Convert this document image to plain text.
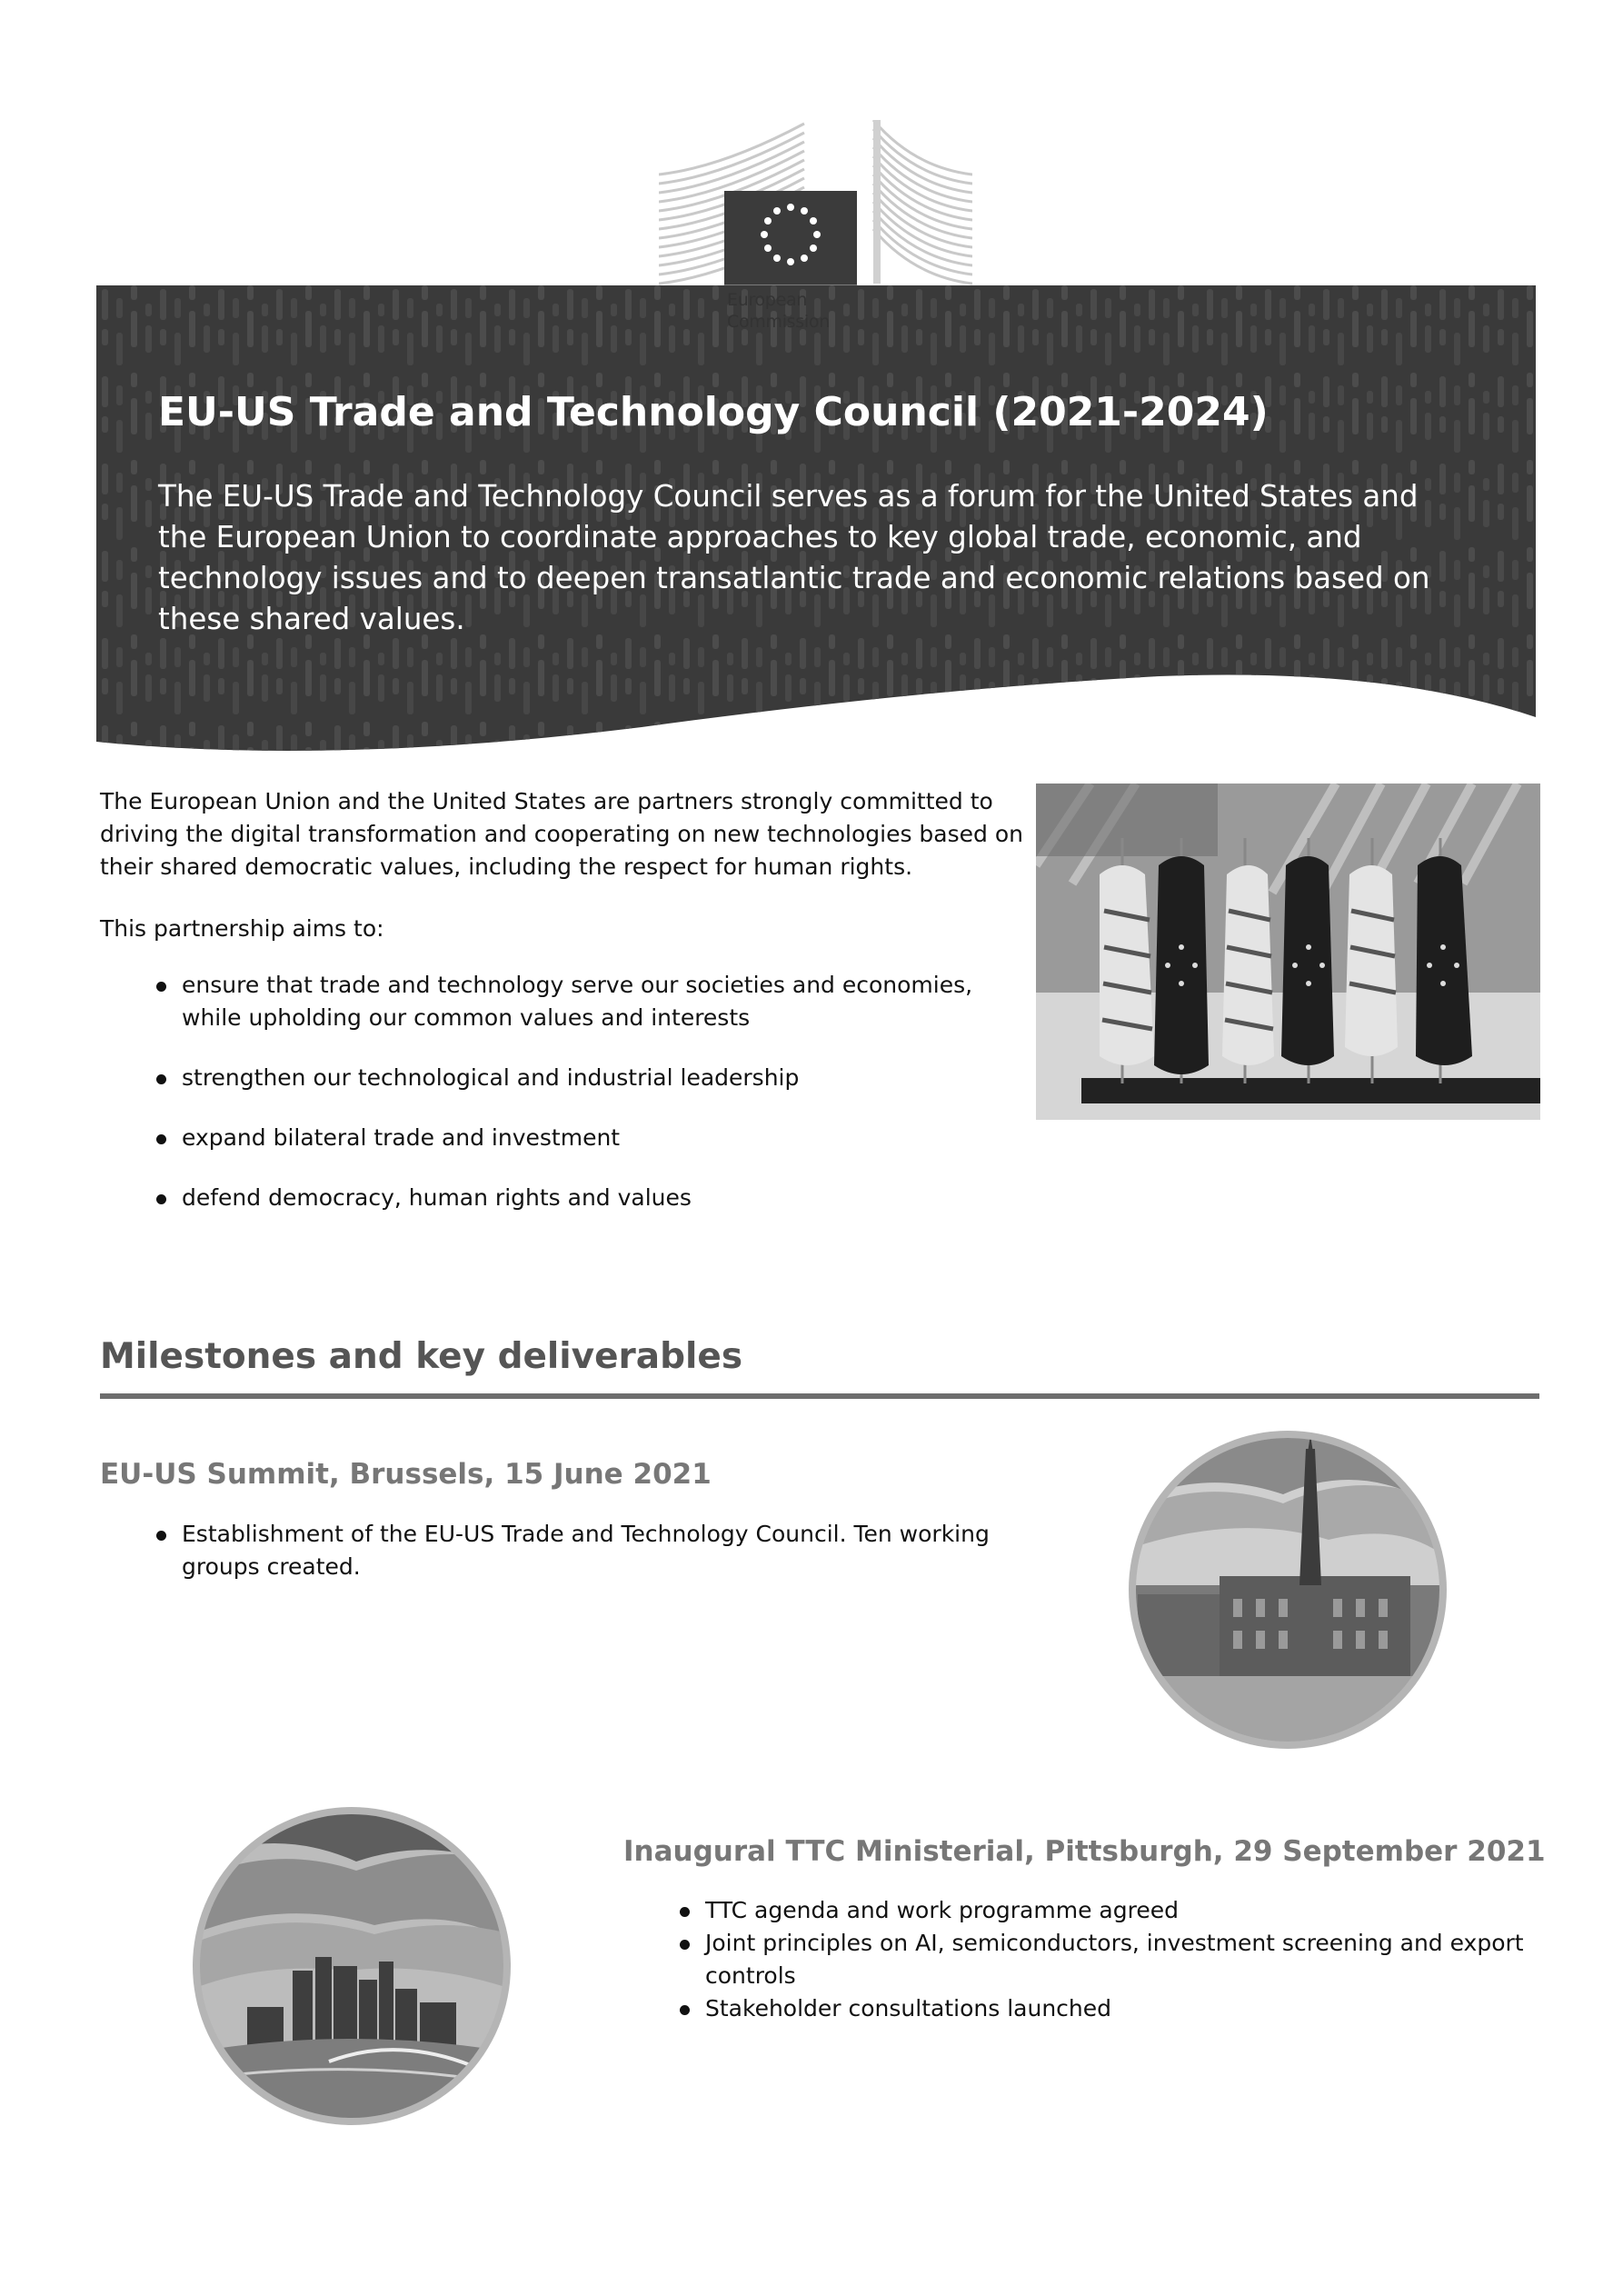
EU-US Trade and Technology Council (2021-2024)

The EU-US Trade and Technology Council serves as a forum for the United States and the European Union to coordinate approaches to key global trade, economic, and technology issues and to deepen transatlantic trade and economic relations based on these shared values.

European
Commission

The European Union and the United States are partners strongly committed to driving the digital transformation and cooperating on new technologies based on their shared democratic values, including the respect for human rights.

This partnership aims to:

ensure that trade and technology serve our societies and economies, while upholding our common values and interests
strengthen our technological and industrial leadership
expand bilateral trade and investment
defend democracy, human rights and values
Milestones and key deliverables
EU-US Summit, Brussels, 15 June 2021
Establishment of the EU-US Trade and Technology Council. Ten working groups created.
Inaugural TTC Ministerial, Pittsburgh, 29 September 2021
TTC agenda and work programme agreed
Joint principles on AI, semiconductors, investment screening and export controls
Stakeholder consultations launched
